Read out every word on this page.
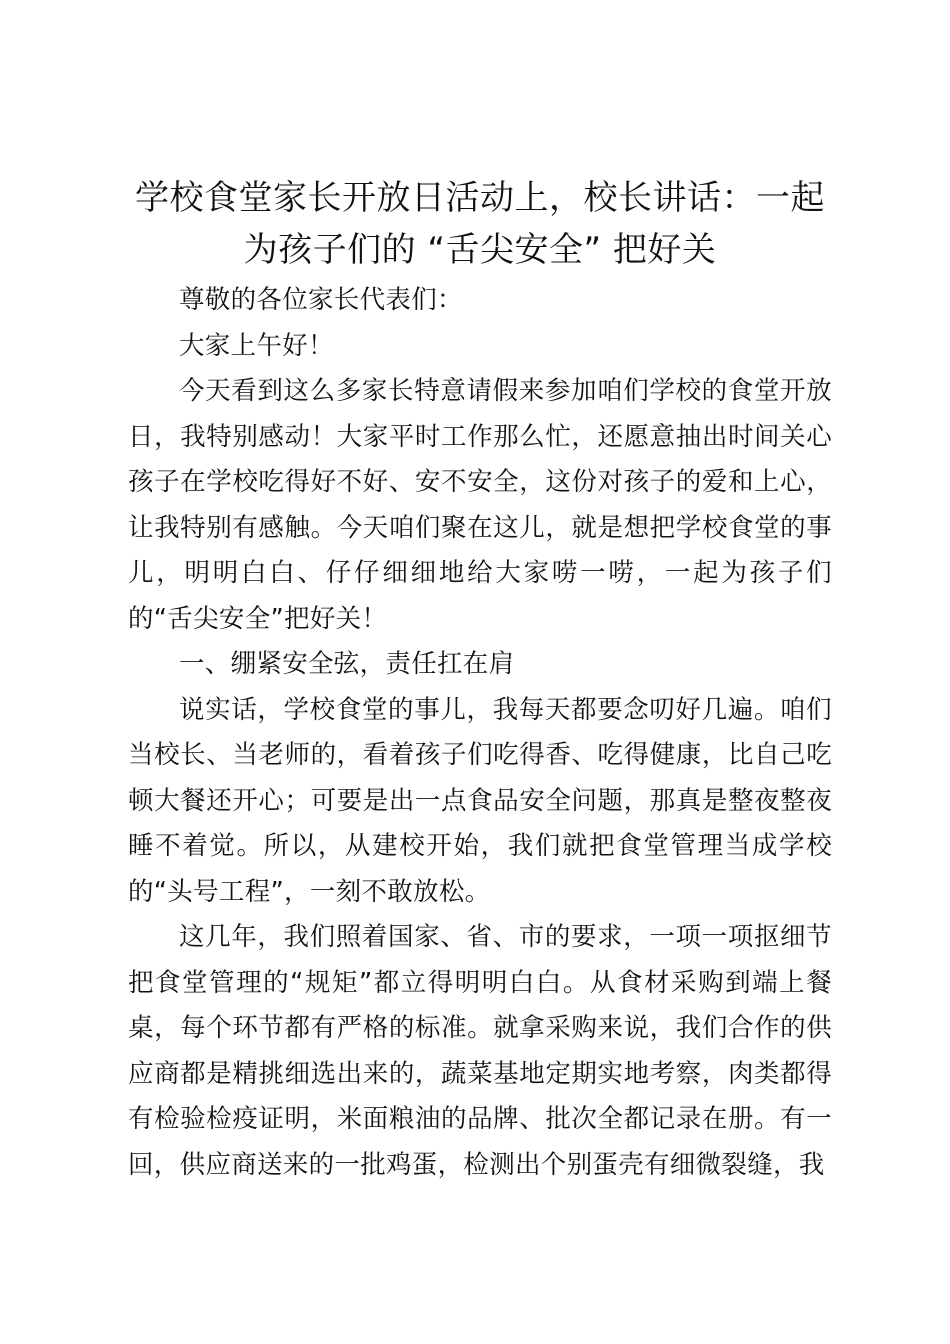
学校食堂家长开放日活动上，校长讲话：一起为孩子们的 “舌尖安全” 把好关

尊敬的各位家长代表们：

大家上午好！

今天看到这么多家长特意请假来参加咱们学校的食堂开放日，我特别感动！大家平时工作那么忙，还愿意抽出时间关心孩子在学校吃得好不好、安不安全，这份对孩子的爱和上心，让我特别有感触。今天咱们聚在这儿，就是想把学校食堂的事儿，明明白白、仔仔细细地给大家唠一唠，一起为孩子们的“舌尖安全”把好关！

一、绷紧安全弦，责任扛在肩

说实话，学校食堂的事儿，我每天都要念叨好几遍。咱们当校长、当老师的，看着孩子们吃得香、吃得健康，比自己吃顿大餐还开心；可要是出一点食品安全问题，那真是整夜整夜睡不着觉。所以，从建校开始，我们就把食堂管理当成学校的“头号工程”，一刻不敢放松。

这几年，我们照着国家、省、市的要求，一项一项抠细节把食堂管理的“规矩”都立得明明白白。从食材采购到端上餐桌，每个环节都有严格的标准。就拿采购来说，我们合作的供应商都是精挑细选出来的，蔬菜基地定期实地考察，肉类都得有检验检疫证明，米面粮油的品牌、批次全都记录在册。有一回，供应商送来的一批鸡蛋，检测出个别蛋壳有细微裂缝，我
